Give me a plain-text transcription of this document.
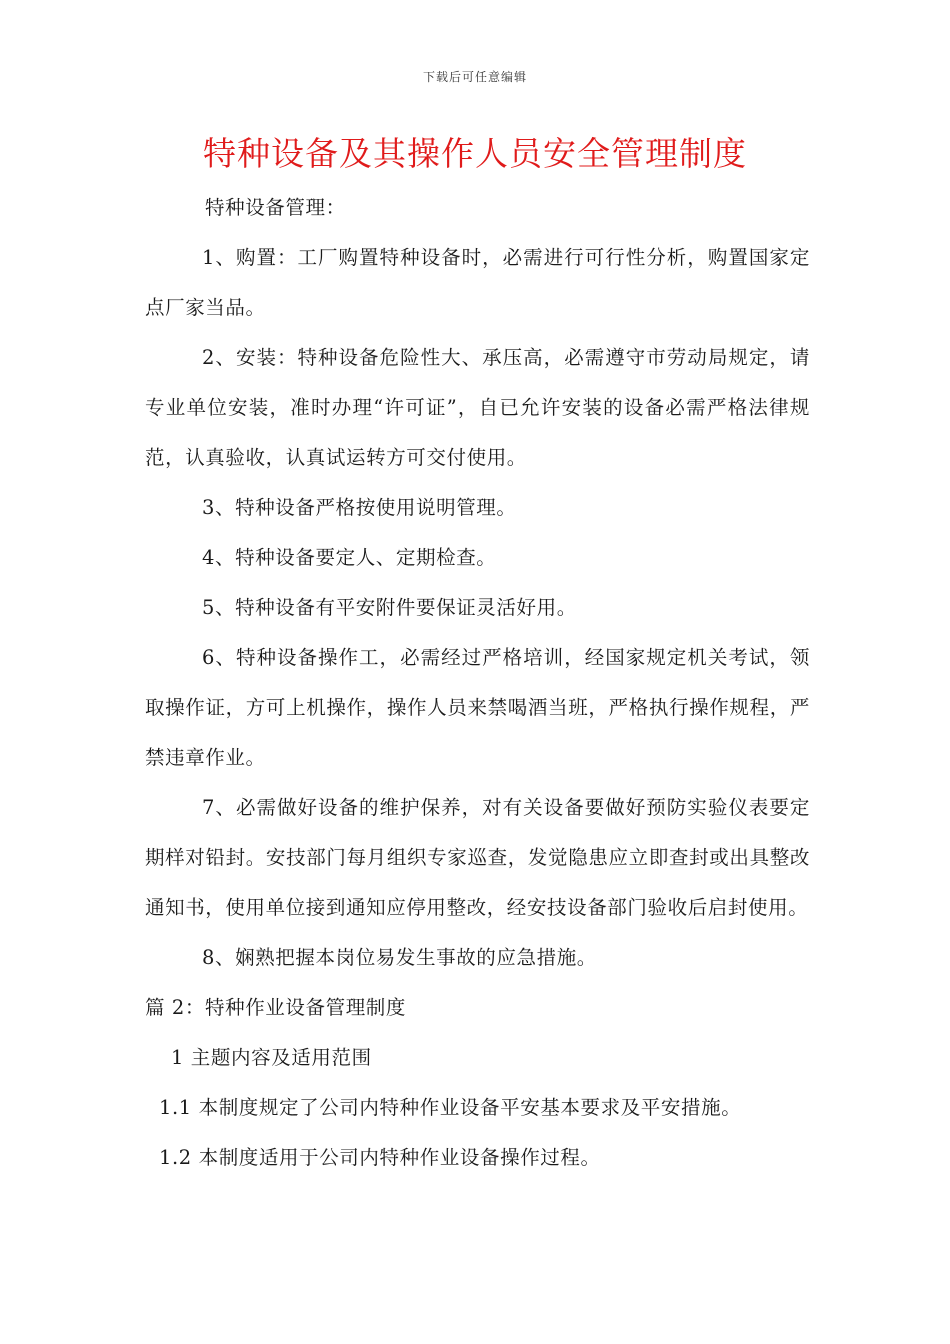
下载后可任意编辑
特种设备及其操作人员安全管理制度

特种设备管理：

1、购置：工厂购置特种设备时，必需进行可行性分析，购置国家定点厂家当品。

2、安装：特种设备危险性大、承压高，必需遵守市劳动局规定，请专业单位安装，准时办理“许可证”，自已允许安装的设备必需严格法律规范，认真验收，认真试运转方可交付使用。

3、特种设备严格按使用说明管理。

4、特种设备要定人、定期检查。

5、特种设备有平安附件要保证灵活好用。

6、特种设备操作工，必需经过严格培训，经国家规定机关考试，领取操作证，方可上机操作，操作人员来禁喝酒当班，严格执行操作规程，严禁违章作业。

7、必需做好设备的维护保养，对有关设备要做好预防实验仪表要定期样对铅封。安技部门每月组织专家巡查，发觉隐患应立即查封或出具整改通知书，使用单位接到通知应停用整改，经安技设备部门验收后启封使用。

8、娴熟把握本岗位易发生事故的应急措施。

篇 2：特种作业设备管理制度

1 主题内容及适用范围

1.1 本制度规定了公司内特种作业设备平安基本要求及平安措施。

1.2 本制度适用于公司内特种作业设备操作过程。
